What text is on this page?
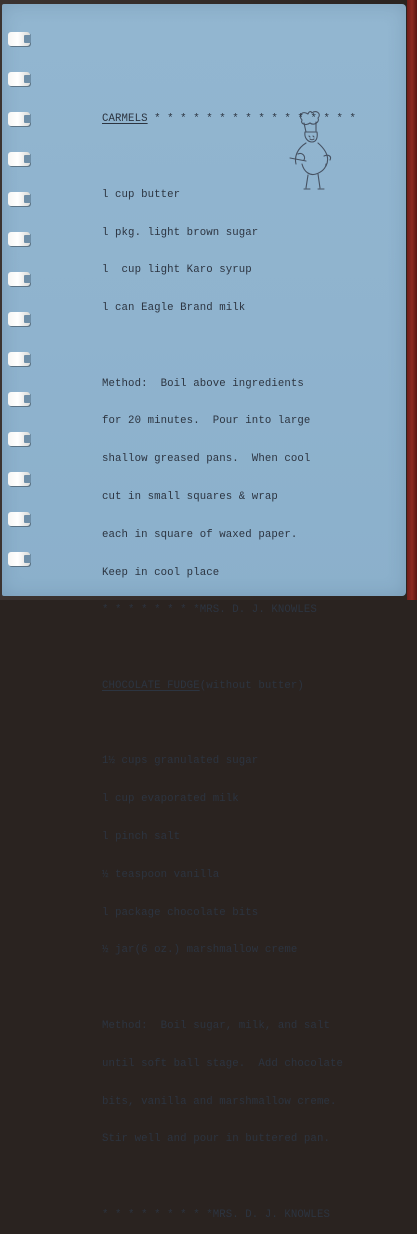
CARMELS * * * * * * * * * * * * * * * *

l cup butter

l pkg. light brown sugar

l  cup light Karo syrup

l can Eagle Brand milk

Method:  Boil above ingredients

for 20 minutes.  Pour into large

shallow greased pans.  When cool

cut in small squares & wrap

each in square of waxed paper.

Keep in cool place

* * * * * * * *MRS. D. J. KNOWLES

CHOCOLATE FUDGE(without butter)

1½ cups granulated sugar

l cup evaporated milk

l pinch salt

½ teaspoon vanilla

l package chocolate bits

½ jar(6 oz.) marshmallow creme

Method:  Boil sugar, milk, and salt

until soft ball stage.  Add chocolate

bits, vanilla and marshmallow creme.

Stir well and pour in buttered pan.

* * * * * * * * *MRS. D. J. KNOWLES
